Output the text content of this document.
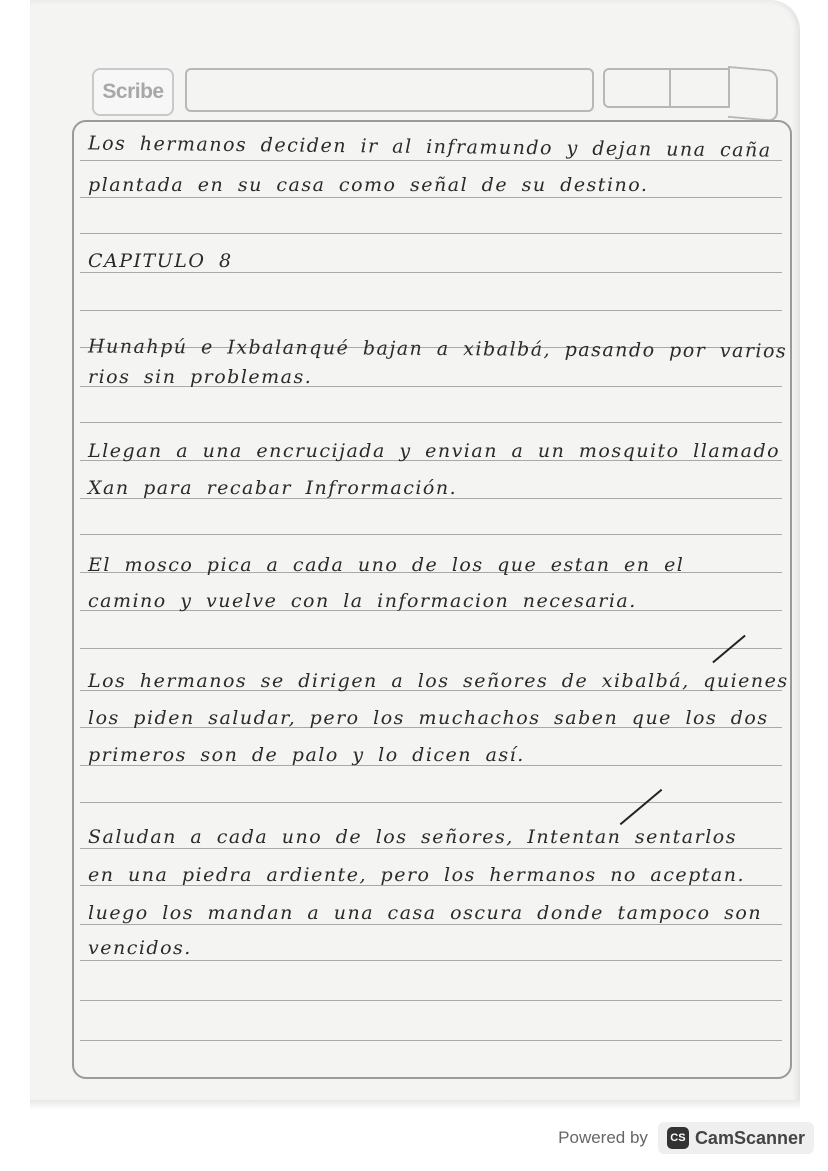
Scribe
Los hermanos deciden ir al inframundo y dejan una caña
plantada en su casa como señal de su destino.
CAPITULO 8
Hunahpú e Ixbalanqué bajan a xibalbá, pasando por varios
rios sin problemas.
Llegan a una encrucijada y envian a un mosquito llamado
Xan para recabar Infrormación.
El mosco pica a cada uno de los que estan en el
camino y vuelve con la informacion necesaria.
Los hermanos se dirigen a los señores de xibalbá, quienes
los piden saludar, pero los muchachos saben que los dos
primeros son de palo y lo dicen así.
Saludan a cada uno de los señores, Intentan sentarlos
en una piedra ardiente, pero los hermanos no aceptan.
luego los mandan a una casa oscura donde tampoco son
vencidos.
Powered by	CS CamScanner
